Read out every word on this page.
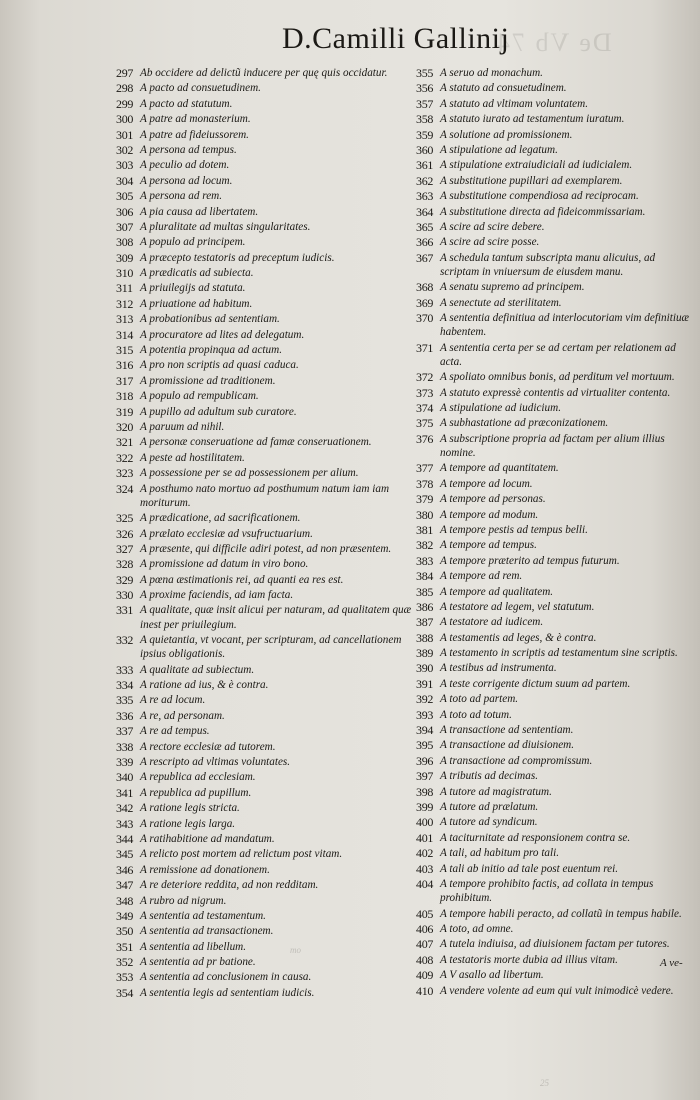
De Vb 74
D.Camilli Gallinij
297 Ab occidere ad delictũ inducere per quę quis occidatur.
298 A pacto ad consuetudinem.
299 A pacto ad statutum.
300 A patre ad monasterium.
301 A patre ad fideiussorem.
302 A persona ad tempus.
303 A peculio ad dotem.
304 A persona ad locum.
305 A persona ad rem.
306 A pia causa ad libertatem.
307 A pluralitate ad multas singularitates.
308 A populo ad principem.
309 A præcepto testatoris ad preceptum iudicis.
310 A prædicatis ad subiecta.
311 A priuilegijs ad statuta.
312 A priuatione ad habitum.
313 A probationibus ad sententiam.
314 A procuratore ad lites ad delegatum.
315 A potentia propinqua ad actum.
316 A pro non scriptis ad quasi caduca.
317 A promissione ad traditionem.
318 A populo ad rempublicam.
319 A pupillo ad adultum sub curatore.
320 A paruum ad nihil.
321 A personæ conseruatione ad famæ conseruationem.
322 A peste ad hostilitatem.
323 A possessione per se ad possessionem per alium.
324 A posthumo nato mortuo ad posthumum natum iam iam moriturum.
325 A prædicatione, ad sacrificationem.
326 A prælato ecclesiæ ad vsufructuarium.
327 A præsente, qui difficile adiri potest, ad non præsentem.
328 A promissione ad datum in viro bono.
329 A pœna æstimationis rei, ad quanti ea res est.
330 A proxime faciendis, ad iam facta.
331 A qualitate, quæ insit alicui per naturam, ad qualitatem quæ inest per priuilegium.
332 A quietantia, vt vocant, per scripturam, ad cancellationem ipsius obligationis.
333 A qualitate ad subiectum.
334 A ratione ad ius, & è contra.
335 A re ad locum.
336 A re, ad personam.
337 A re ad tempus.
338 A rectore ecclesiæ ad tutorem.
339 A rescripto ad vltimas voluntates.
340 A republica ad ecclesiam.
341 A republica ad pupillum.
342 A ratione legis stricta.
343 A ratione legis larga.
344 A ratihabitione ad mandatum.
345 A relicto post mortem ad relictum post vitam.
346 A remissione ad donationem.
347 A re deteriore reddita, ad non redditam.
348 A rubro ad nigrum.
349 A sententia ad testamentum.
350 A sententia ad transactionem.
351 A sententia ad libellum.
352 A sententia ad pr batione.
353 A sententia ad conclusionem in causa.
354 A sententia legis ad sententiam iudicis.
355 A seruo ad monachum.
356 A statuto ad consuetudinem.
357 A statuto ad vltimam voluntatem.
358 A statuto iurato ad testamentum iuratum.
359 A solutione ad promissionem.
360 A stipulatione ad legatum.
361 A stipulatione extraiudiciali ad iudicialem.
362 A substitutione pupillari ad exemplarem.
363 A substitutione compendiosa ad reciprocam.
364 A substitutione directa ad fideicommissariam.
365 A scire ad scire debere.
366 A scire ad scire posse.
367 A schedula tantum subscripta manu alicuius, ad scriptam in vniuersum de eiusdem manu.
368 A senatu supremo ad principem.
369 A senectute ad sterilitatem.
370 A sententia definitiua ad interlocutoriam vim definitiuæ habentem.
371 A sententia certa per se ad certam per relationem ad acta.
372 A spoliato omnibus bonis, ad perditum vel mortuum.
373 A statuto expressè contentis ad virtualiter contenta.
374 A stipulatione ad iudicium.
375 A subhastatione ad præconizationem.
376 A subscriptione propria ad factam per alium illius nomine.
377 A tempore ad quantitatem.
378 A tempore ad locum.
379 A tempore ad personas.
380 A tempore ad modum.
381 A tempore pestis ad tempus belli.
382 A tempore ad tempus.
383 A tempore præterito ad tempus futurum.
384 A tempore ad rem.
385 A tempore ad qualitatem.
386 A testatore ad legem, vel statutum.
387 A testatore ad iudicem.
388 A testamentis ad leges, & è contra.
389 A testamento in scriptis ad testamentum sine scriptis.
390 A testibus ad instrumenta.
391 A teste corrigente dictum suum ad partem.
392 A toto ad partem.
393 A toto ad totum.
394 A transactione ad sententiam.
395 A transactione ad diuisionem.
396 A transactione ad compromissum.
397 A tributis ad decimas.
398 A tutore ad magistratum.
399 A tutore ad prælatum.
400 A tutore ad syndicum.
401 A taciturnitate ad responsionem contra se.
402 A tali, ad habitum pro tali.
403 A tali ab initio ad tale post euentum rei.
404 A tempore prohibito factis, ad collata in tempus prohibitum.
405 A tempore habili peracto, ad collatũ in tempus habile.
406 A toto, ad omne.
407 A tutela indiuisa, ad diuisionem factam per tutores.
408 A testatoris morte dubia ad illius vitam.
409 A V asallo ad libertum.
410 A vendere volente ad eum qui vult inimodicè vedere.
mo
25
A ve-
